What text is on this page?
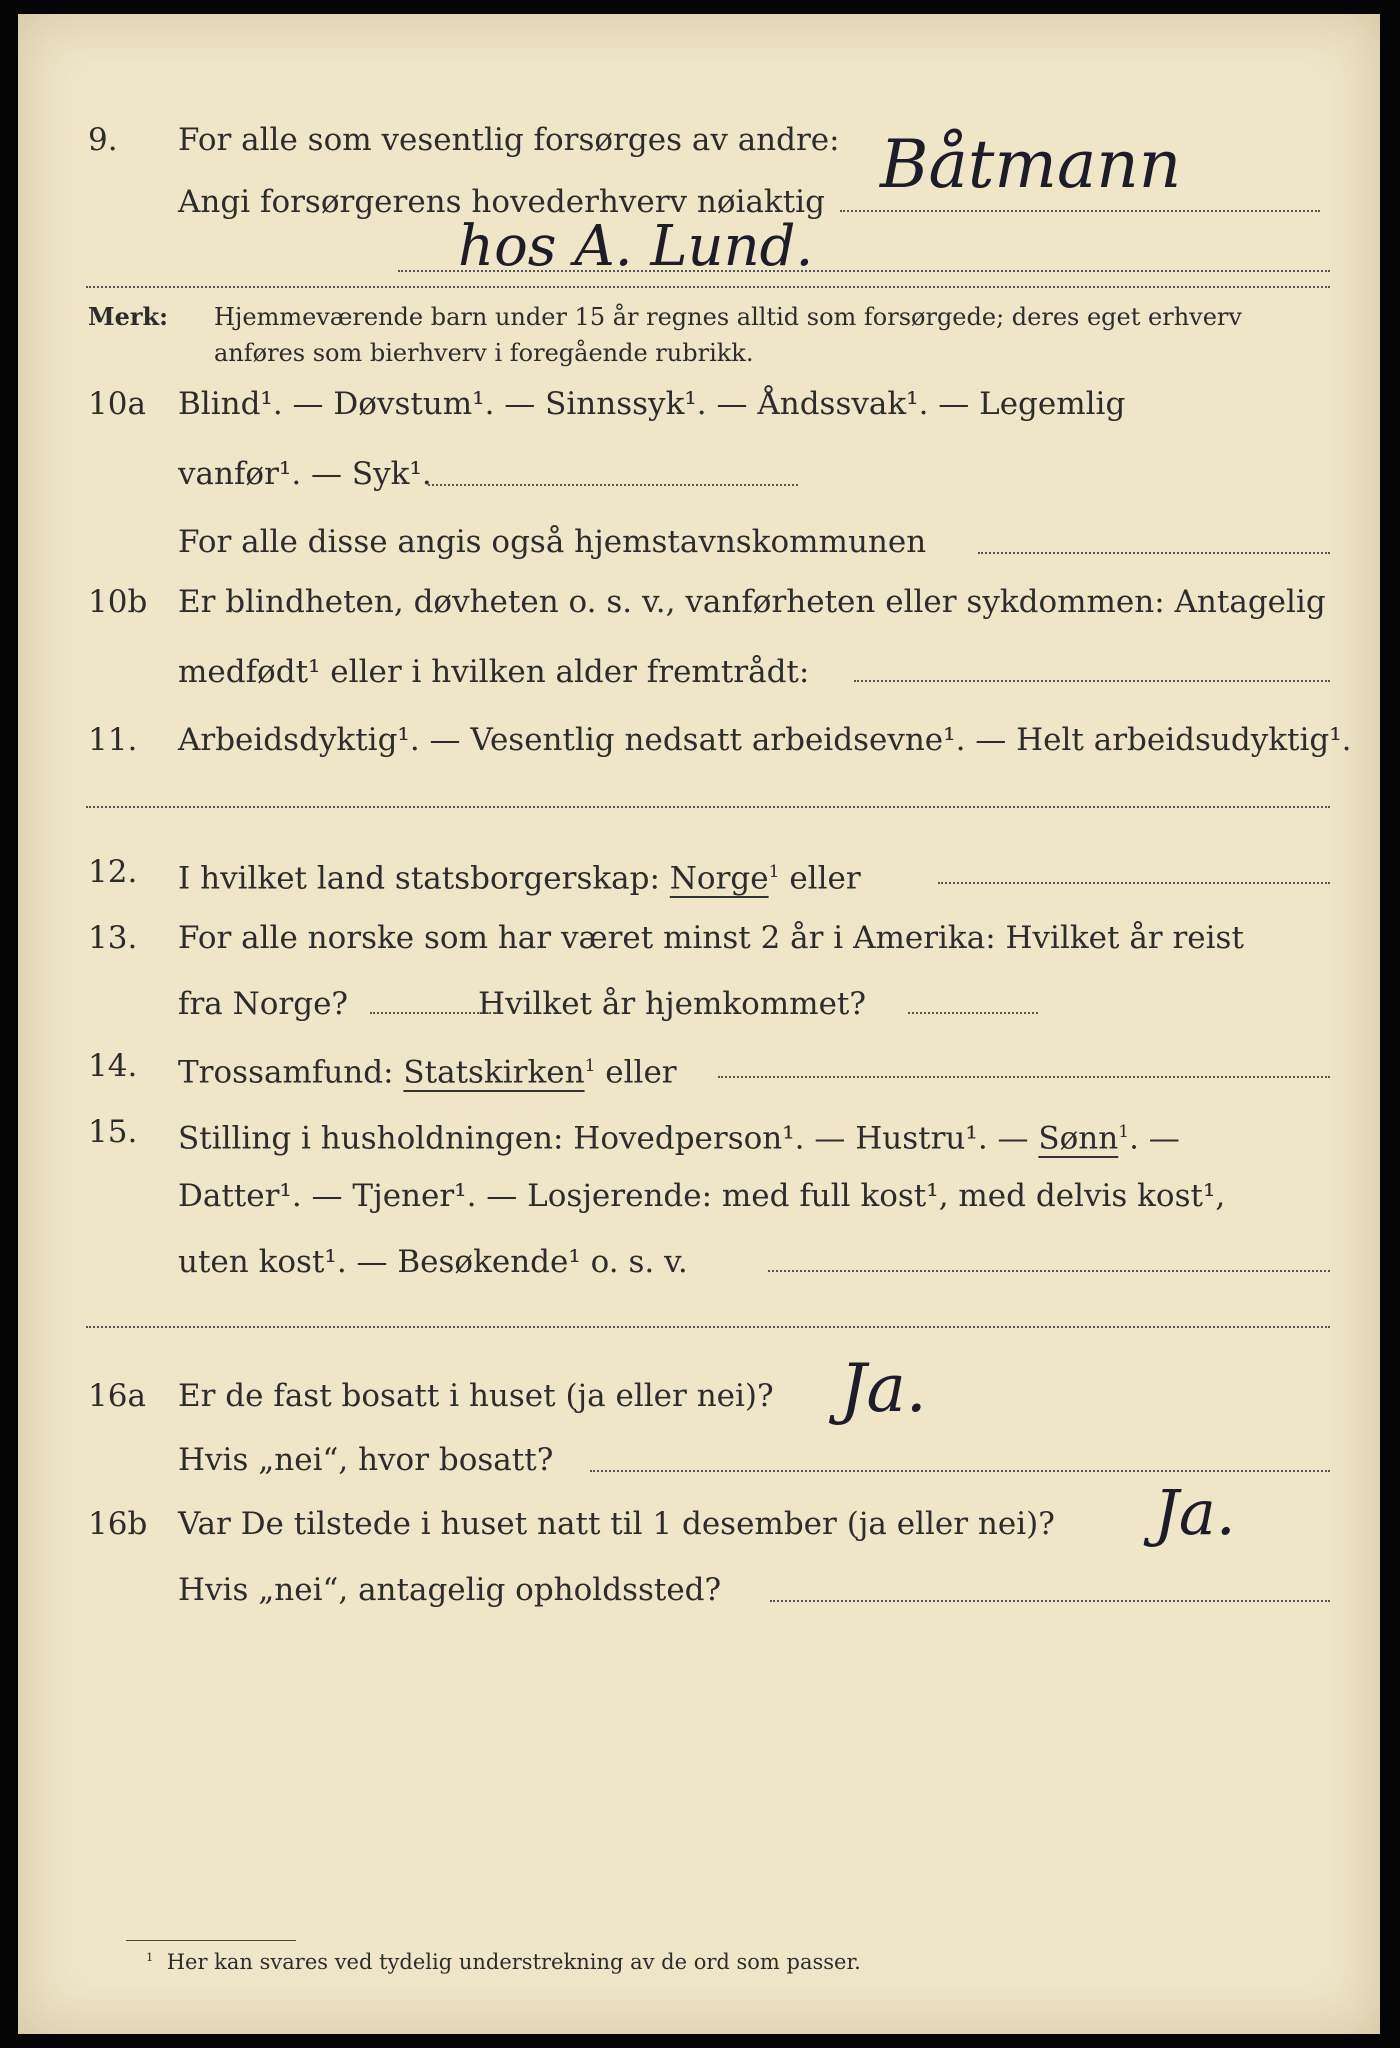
9. For alle som vesentlig forsørges av andre:
Angi forsørgerens hovederhverv nøiaktig Båtmann
hos A. Lund.
Merk: Hjemmeværende barn under 15 år regnes alltid som forsørgede; deres eget erhverv
anføres som bierhverv i foregående rubrikk.
10a Blind¹. — Døvstum¹. — Sinnssyk¹. — Åndssvak¹. — Legemlig
vanfør¹. — Syk¹.
For alle disse angis også hjemstavnskommunen
10b Er blindheten, døvheten o. s. v., vanførheten eller sykdommen: Antagelig
medfødt¹ eller i hvilken alder fremtrådt:
11. Arbeidsdyktig¹. — Vesentlig nedsatt arbeidsevne¹. — Helt arbeidsudyktig¹.
12. I hvilket land statsborgerskap: Norge$^1$ eller
13. For alle norske som har været minst 2 år i Amerika: Hvilket år reist
fra Norge?	Hvilket år hjemkommet?
14. Trossamfund: Statskirken$^1$ eller
15. Stilling i husholdningen: Hovedperson¹. — Hustru¹. — Sønn$^1$. —
Datter¹. — Tjener¹. — Losjerende: med full kost¹, med delvis kost¹,
uten kost¹. — Besøkende¹ o. s. v.
16a Er de fast bosatt i huset (ja eller nei)? Ja.
Hvis „nei“, hvor bosatt?
16b Var De tilstede i huset natt til 1 desember (ja eller nei)? Ja.
Hvis „nei“, antagelig opholdssted?
$^1$ Her kan svares ved tydelig understrekning av de ord som passer.
